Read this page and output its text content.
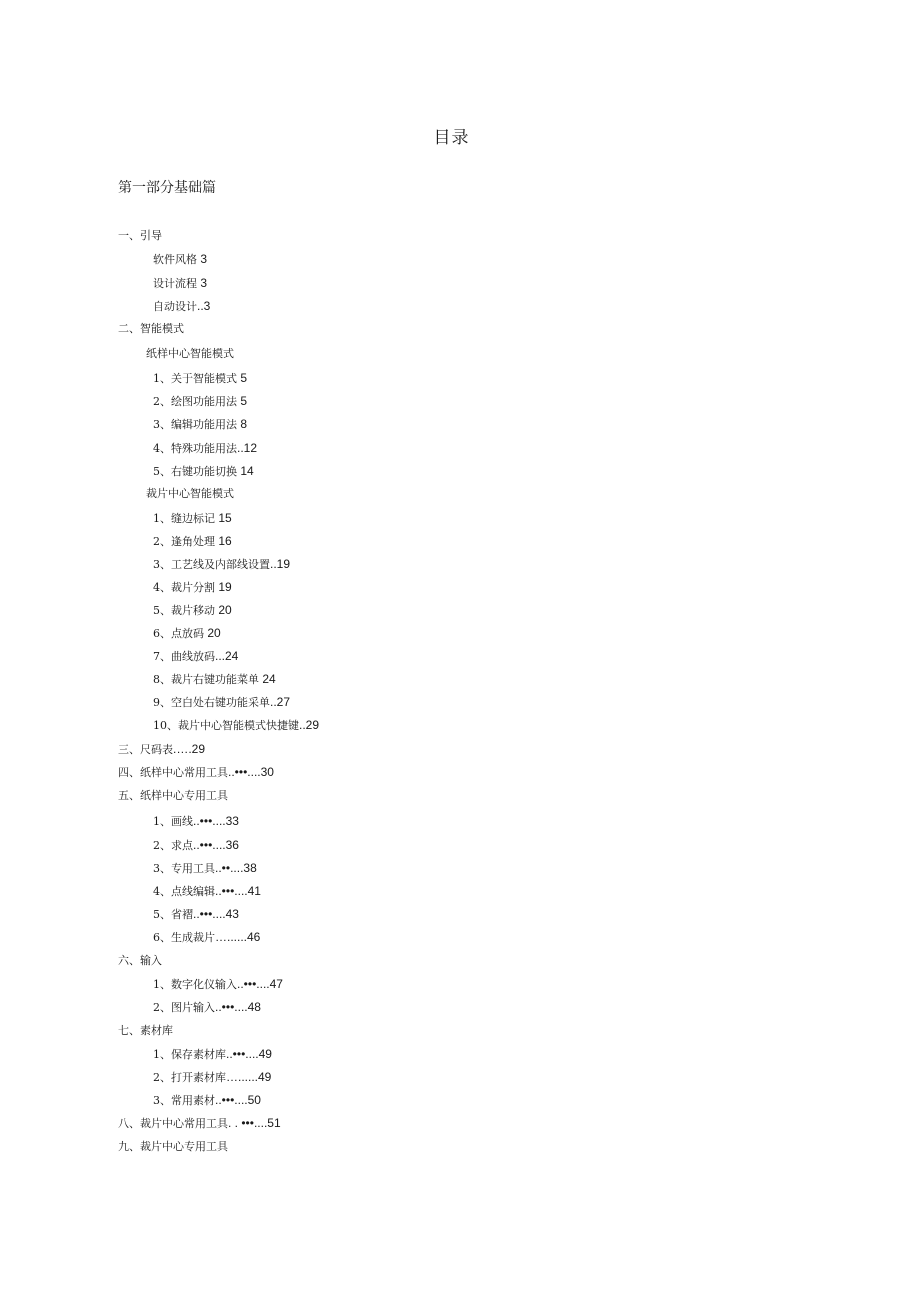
目录
第一部分基础篇
一、引导
软件风格 3
设计流程 3
自动设计..3
二、智能模式
纸样中心智能模式
1、关于智能模式 5
2、绘图功能用法 5
3、编辑功能用法 8
4、特殊功能用法..12
5、右键功能切换 14
裁片中心智能模式
1、缝边标记 15
2、逢角处理 16
3、工艺线及内部线设置..19
4、裁片分割 19
5、裁片移动 20
6、点放码 20
7、曲线放码...24
8、裁片右键功能菜单 24
9、空白处右键功能采单..27
10、裁片中心智能模式快捷键..29
三、尺码表.….29
四、纸样中心常用工具..•••....30
五、纸样中心专用工具
1、画线..•••....33
2、求点..•••....36
3、专用工具..••....38
4、点线编辑..•••....41
5、省褶..•••....43
6、生成裁片…......46
六、输入
1、数字化仪输入..•••....47
2、图片输入..•••....48
七、素材库
1、保存素材库..•••....49
2、打开素材库…......49
3、常用素材..•••....50
八、裁片中心常用工具. . •••....51
九、裁片中心专用工具
